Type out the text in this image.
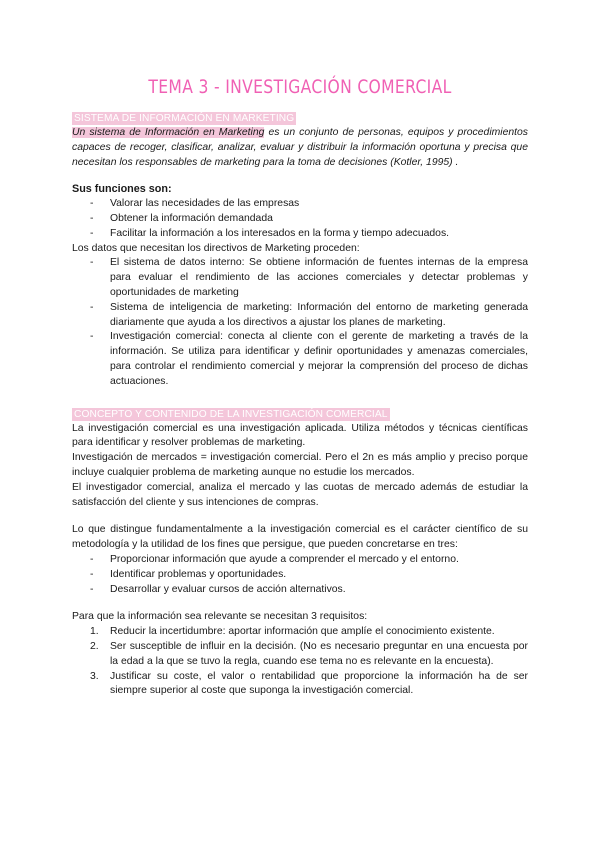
TEMA 3 - INVESTIGACIÓN COMERCIAL
SISTEMA DE INFORMACIÓN EN MARKETING

Un sistema de Información en Marketing es un conjunto de personas, equipos y procedimientos capaces de recoger, clasificar, analizar, evaluar y distribuir la información oportuna y precisa que necesitan los responsables de marketing para la toma de decisiones (Kotler, 1995) .

Sus funciones son:

- Valorar las necesidades de las empresas
- Obtener la información demandada
- Facilitar la información a los interesados en la forma y tiempo adecuados.

Los datos que necesitan los directivos de Marketing proceden:

- El sistema de datos interno: Se obtiene información de fuentes internas de la empresa para evaluar el rendimiento de las acciones comerciales y detectar problemas y oportunidades de marketing
- Sistema de inteligencia de marketing: Información del entorno de marketing generada diariamente que ayuda a los directivos a ajustar los planes de marketing.
- Investigación comercial: conecta al cliente con el gerente de marketing a través de la información. Se utiliza para identificar y definir oportunidades y amenazas comerciales, para controlar el rendimiento comercial y mejorar la comprensión del proceso de dichas actuaciones.
CONCEPTO Y CONTENIDO DE LA INVESTIGACIÓN COMERCIAL

La investigación comercial es una investigación aplicada. Utiliza métodos y técnicas científicas para identificar y resolver problemas de marketing.

Investigación de mercados = investigación comercial. Pero el 2n es más amplio y preciso porque incluye cualquier problema de marketing aunque no estudie los mercados.

El investigador comercial, analiza el mercado y las cuotas de mercado además de estudiar la satisfacción del cliente y sus intenciones de compras.

Lo que distingue fundamentalmente a la investigación comercial es el carácter científico de su metodología y la utilidad de los fines que persigue, que pueden concretarse en tres:

- Proporcionar información que ayude a comprender el mercado y el entorno.
- Identificar problemas y oportunidades.
- Desarrollar y evaluar cursos de acción alternativos.

Para que la información sea relevante se necesitan 3 requisitos:

1. Reducir la incertidumbre: aportar información que amplíe el conocimiento existente.
2. Ser susceptible de influir en la decisión. (No es necesario preguntar en una encuesta por la edad a la que se tuvo la regla, cuando ese tema no es relevante en la encuesta).
3. Justificar su coste, el valor o rentabilidad que proporcione la información ha de ser siempre superior al coste que suponga la investigación comercial.
